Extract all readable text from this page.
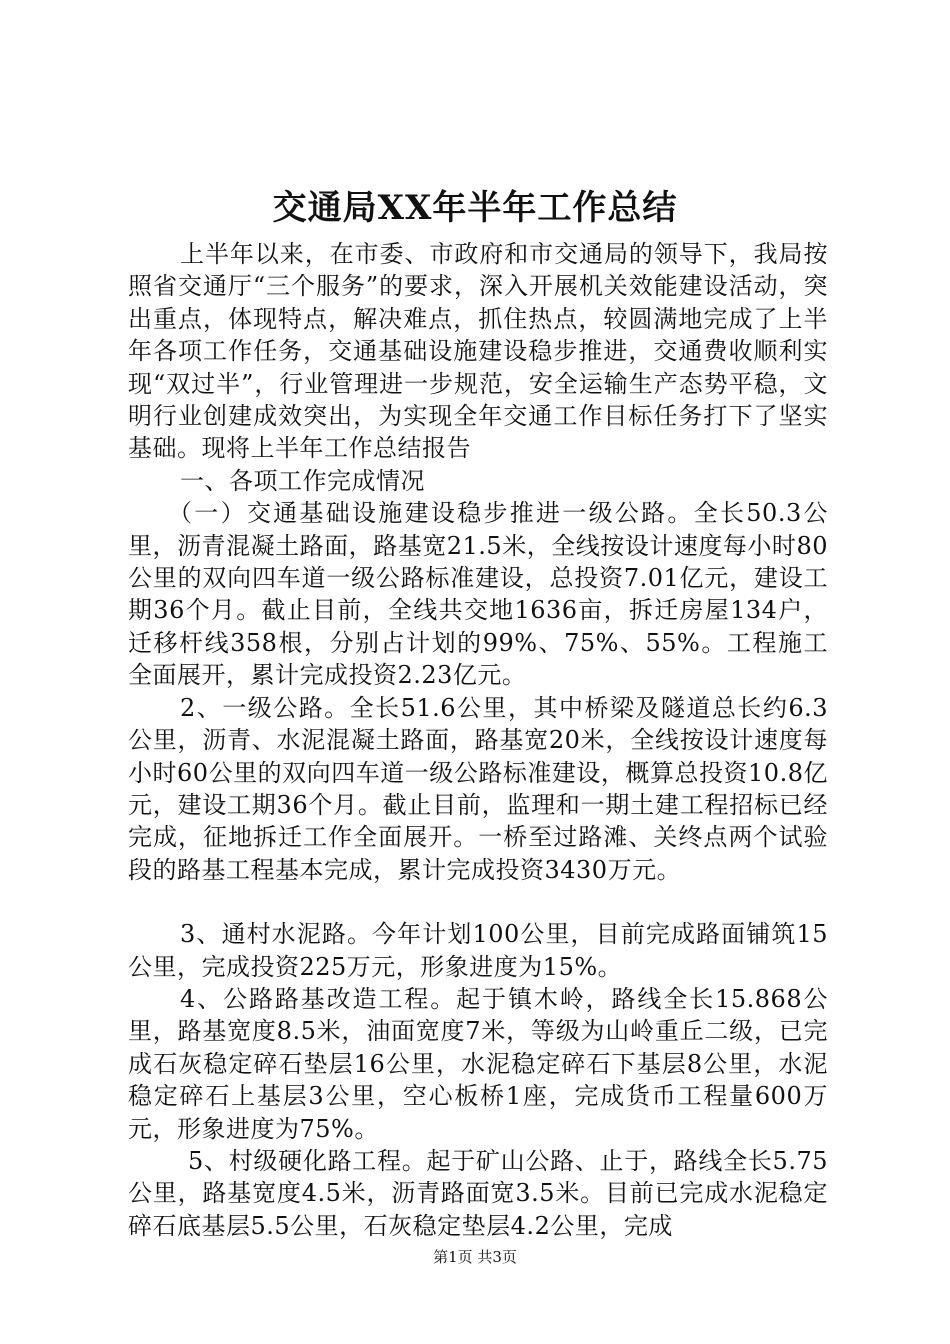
交通局XX年半年工作总结

上半年以来，在市委、市政府和市交通局的领导下，我局按照省交通厅“三个服务”的要求，深入开展机关效能建设活动，突出重点，体现特点，解决难点，抓住热点，较圆满地完成了上半年各项工作任务，交通基础设施建设稳步推进，交通费收顺利实现“双过半”，行业管理进一步规范，安全运输生产态势平稳，文明行业创建成效突出，为实现全年交通工作目标任务打下了坚实基础。现将上半年工作总结报告

一、各项工作完成情况

（一）交通基础设施建设稳步推进一级公路。全长50.3公里，沥青混凝土路面，路基宽21.5米，全线按设计速度每小时80公里的双向四车道一级公路标准建设，总投资7.01亿元，建设工期36个月。截止目前，全线共交地1636亩，拆迁房屋134户，迁移杆线358根，分别占计划的99%、75%、55%。工程施工全面展开，累计完成投资2.23亿元。

2、一级公路。全长51.6公里，其中桥梁及隧道总长约6.3公里，沥青、水泥混凝土路面，路基宽20米，全线按设计速度每小时60公里的双向四车道一级公路标准建设，概算总投资10.8亿元，建设工期36个月。截止目前，监理和一期土建工程招标已经完成，征地拆迁工作全面展开。一桥至过路滩、关终点两个试验段的路基工程基本完成，累计完成投资3430万元。

3、通村水泥路。今年计划100公里，目前完成路面铺筑15公里，完成投资225万元，形象进度为15%。

4、公路路基改造工程。起于镇木岭，路线全长15.868公里，路基宽度8.5米，油面宽度7米，等级为山岭重丘二级，已完成石灰稳定碎石垫层16公里，水泥稳定碎石下基层8公里，水泥稳定碎石上基层3公里，空心板桥1座，完成货币工程量600万元，形象进度为75%。

5、村级硬化路工程。起于矿山公路、止于，路线全长5.75公里，路基宽度4.5米，沥青路面宽3.5米。目前已完成水泥稳定碎石底基层5.5公里，石灰稳定垫层4.2公里，完成

第1页 共3页
